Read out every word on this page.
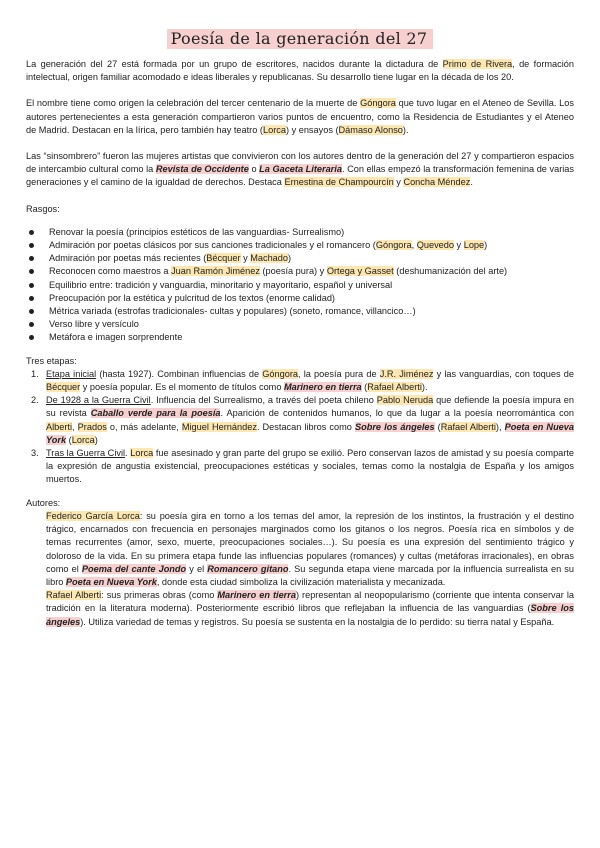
Poesía de la generación del 27

La generación del 27 está formada por un grupo de escritores, nacidos durante la dictadura de Primo de Rivera, de formación intelectual, origen familiar acomodado e ideas liberales y republicanas. Su desarrollo tiene lugar en la década de los 20.

El nombre tiene como origen la celebración del tercer centenario de la muerte de Góngora que tuvo lugar en el Ateneo de Sevilla. Los autores pertenecientes a esta generación compartieron varios puntos de encuentro, como la Residencia de Estudiantes y el Ateneo de Madrid. Destacan en la lírica, pero también hay teatro (Lorca) y ensayos (Dámaso Alonso).

Las “sinsombrero” fueron las mujeres artistas que convivieron con los autores dentro de la generación del 27 y compartieron espacios de intercambio cultural como la Revista de Occidente o La Gaceta Literaria. Con ellas empezó la transformación femenina de varias generaciones y el camino de la igualdad de derechos. Destaca Ernestina de Champourcín y Concha Méndez.

Rasgos:
Renovar la poesía (principios estéticos de las vanguardias- Surrealismo)
Admiración por poetas clásicos por sus canciones tradicionales y el romancero (Góngora, Quevedo y Lope)
Admiración por poetas más recientes (Bécquer y Machado)
Reconocen como maestros a Juan Ramón Jiménez (poesía pura) y Ortega y Gasset (deshumanización del arte)
Equilibrio entre: tradición y vanguardia, minoritario y mayoritario, español y universal
Preocupación por la estética y pulcritud de los textos (enorme calidad)
Métrica variada (estrofas tradicionales- cultas y populares) (soneto, romance, villancico…)
Verso libre y versículo
Metáfora e imagen sorprendente
Tres etapas:
1. Etapa inicial (hasta 1927). Combinan influencias de Góngora, la poesía pura de J.R. Jiménez y las vanguardias, con toques de Bécquer y poesía popular. Es el momento de títulos como Marinero en tierra (Rafael Alberti).
2. De 1928 a la Guerra Civil. Influencia del Surrealismo, a través del poeta chileno Pablo Neruda que defiende la poesía impura en su revista Caballo verde para la poesía. Aparición de contenidos humanos, lo que da lugar a la poesía neorromántica con Alberti, Prados o, más adelante, Miguel Hernández. Destacan libros como Sobre los ángeles (Rafael Alberti), Poeta en Nueva York (Lorca)
3. Tras la Guerra Civil. Lorca fue asesinado y gran parte del grupo se exilió. Pero conservan lazos de amistad y su poesía comparte la expresión de angustia existencial, preocupaciones estéticas y sociales, temas como la nostalgia de España y los amigos muertos.
Autores:

Federico García Lorca: su poesía gira en torno a los temas del amor, la represión de los instintos, la frustración y el destino trágico, encarnados con frecuencia en personajes marginados como los gitanos o los negros. Poesía rica en símbolos y de temas recurrentes (amor, sexo, muerte, preocupaciones sociales…). Su poesía es una expresión del sentimiento trágico y doloroso de la vida. En su primera etapa funde las influencias populares (romances) y cultas (metáforas irracionales), en obras como el Poema del cante Jondo y el Romancero gitano. Su segunda etapa viene marcada por la influencia surrealista en su libro Poeta en Nueva York, donde esta ciudad simboliza la civilización materialista y mecanizada.

Rafael Alberti: sus primeras obras (como Marinero en tierra) representan al neopopularismo (corriente que intenta conservar la tradición en la literatura moderna). Posteriormente escribió libros que reflejaban la influencia de las vanguardias (Sobre los ángeles). Utiliza variedad de temas y registros. Su poesía se sustenta en la nostalgia de lo perdido: su tierra natal y España.
